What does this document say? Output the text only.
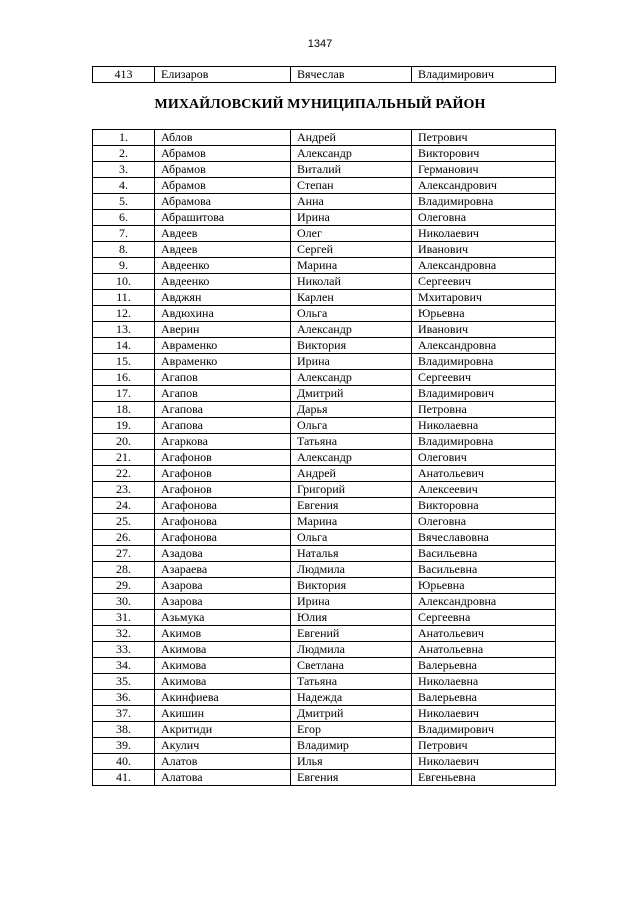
1347
413	Елизаров	Вячеслав	Владимирович
МИХАЙЛОВСКИЙ МУНИЦИПАЛЬНЫЙ РАЙОН
1.	Аблов	Андрей	Петрович
2.	Абрамов	Александр	Викторович
3.	Абрамов	Виталий	Германович
4.	Абрамов	Степан	Александрович
5.	Абрамова	Анна	Владимировна
6.	Абрашитова	Ирина	Олеговна
7.	Авдеев	Олег	Николаевич
8.	Авдеев	Сергей	Иванович
9.	Авдеенко	Марина	Александровна
10.	Авдеенко	Николай	Сергеевич
11.	Авджян	Карлен	Мхитарович
12.	Авдюхина	Ольга	Юрьевна
13.	Аверин	Александр	Иванович
14.	Авраменко	Виктория	Александровна
15.	Авраменко	Ирина	Владимировна
16.	Агапов	Александр	Сергеевич
17.	Агапов	Дмитрий	Владимирович
18.	Агапова	Дарья	Петровна
19.	Агапова	Ольга	Николаевна
20.	Агаркова	Татьяна	Владимировна
21.	Агафонов	Александр	Олегович
22.	Агафонов	Андрей	Анатольевич
23.	Агафонов	Григорий	Алексеевич
24.	Агафонова	Евгения	Викторовна
25.	Агафонова	Марина	Олеговна
26.	Агафонова	Ольга	Вячеславовна
27.	Азадова	Наталья	Васильевна
28.	Азараева	Людмила	Васильевна
29.	Азарова	Виктория	Юрьевна
30.	Азарова	Ирина	Александровна
31.	Азьмука	Юлия	Сергеевна
32.	Акимов	Евгений	Анатольевич
33.	Акимова	Людмила	Анатольевна
34.	Акимова	Светлана	Валерьевна
35.	Акимова	Татьяна	Николаевна
36.	Акинфиева	Надежда	Валерьевна
37.	Акишин	Дмитрий	Николаевич
38.	Акритиди	Егор	Владимирович
39.	Акулич	Владимир	Петрович
40.	Алатов	Илья	Николаевич
41.	Алатова	Евгения	Евгеньевна
